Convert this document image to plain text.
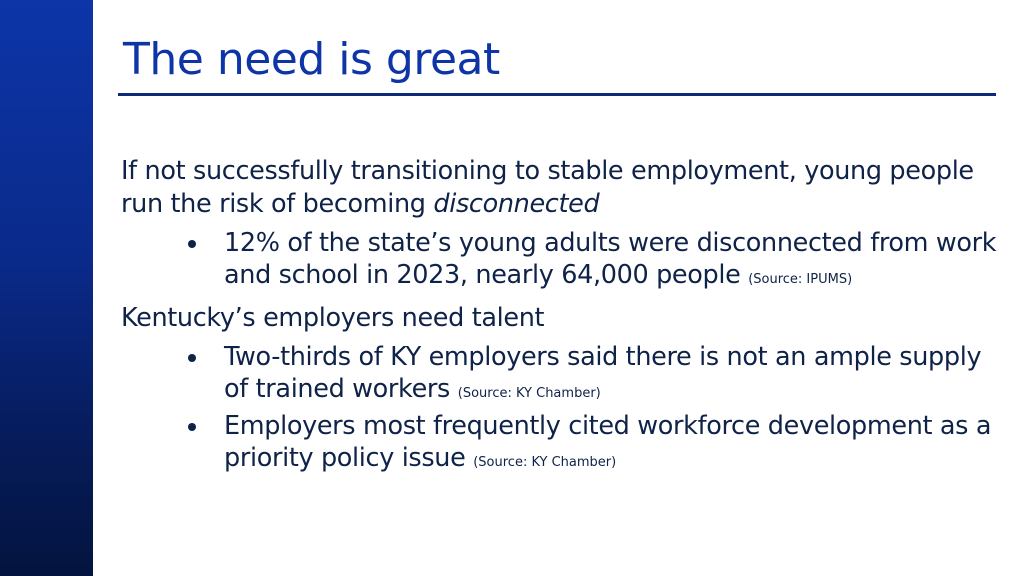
The need is great

If not successfully transitioning to stable employment, young people run the risk of becoming disconnected

12% of the state’s young adults were disconnected from work and school in 2023, nearly 64,000 people (Source: IPUMS)

Kentucky’s employers need talent

Two-thirds of KY employers said there is not an ample supply of trained workers (Source: KY Chamber)
Employers most frequently cited workforce development as a priority policy issue (Source: KY Chamber)
